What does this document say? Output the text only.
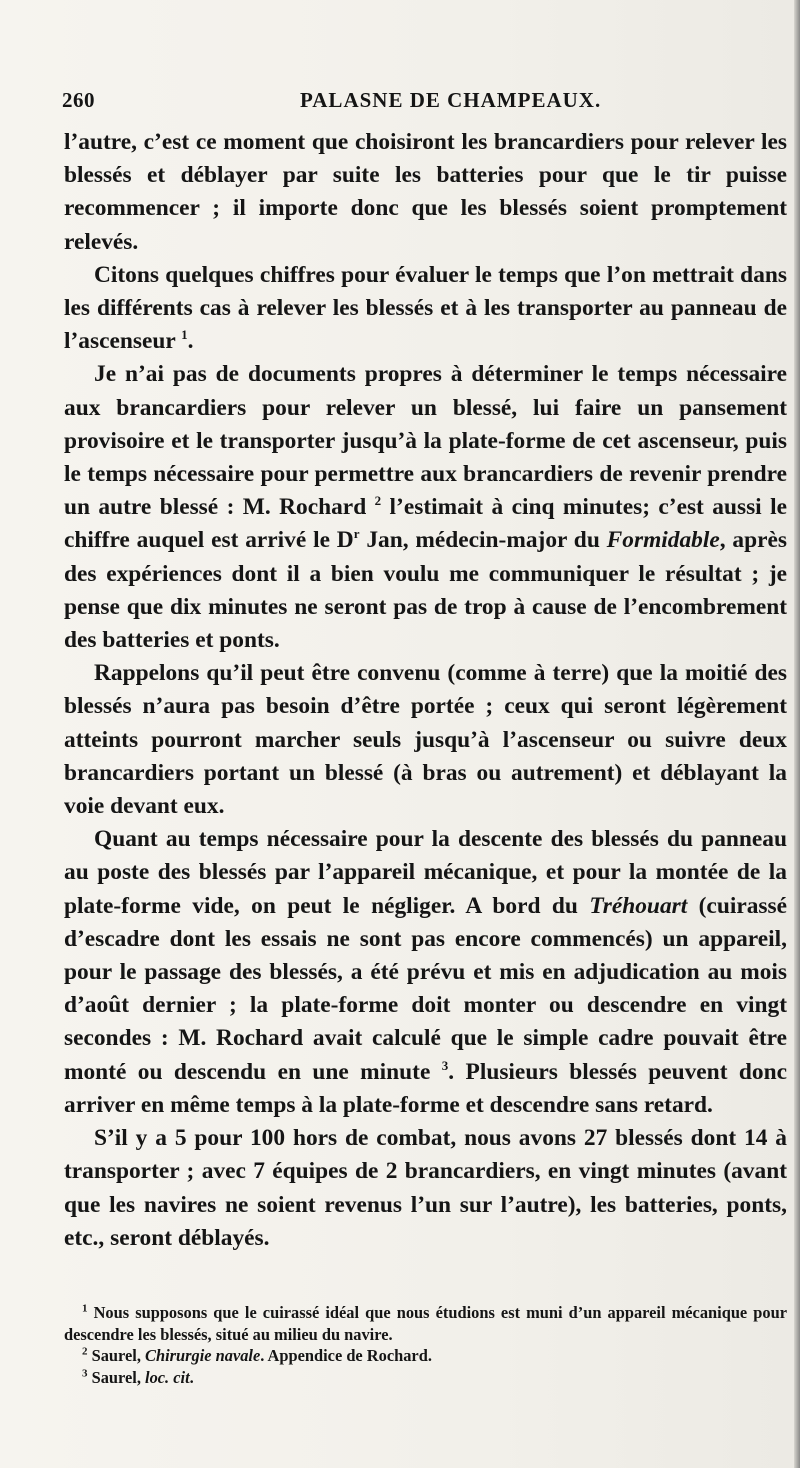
260	PALASNE DE CHAMPEAUX.

l’autre, c’est ce moment que choisiront les brancardiers pour relever les blessés et déblayer par suite les batteries pour que le tir puisse recommencer ; il importe donc que les blessés soient promptement relevés.

Citons quelques chiffres pour évaluer le temps que l’on mettrait dans les différents cas à relever les blessés et à les transporter au panneau de l’ascenseur $^1$.

Je n’ai pas de documents propres à déterminer le temps nécessaire aux brancardiers pour relever un blessé, lui faire un pansement provisoire et le transporter jusqu’à la plate-forme de cet ascenseur, puis le temps nécessaire pour permettre aux brancardiers de revenir prendre un autre blessé : M. Rochard $^2$ l’estimait à cinq minutes; c’est aussi le chiffre auquel est arrivé le $D^r$ Jan, médecin-major du Formidable, après des expériences dont il a bien voulu me communiquer le résultat ; je pense que dix minutes ne seront pas de trop à cause de l’encombrement des batteries et ponts.

Rappelons qu’il peut être convenu (comme à terre) que la moitié des blessés n’aura pas besoin d’être portée ; ceux qui seront légèrement atteints pourront marcher seuls jusqu’à l’ascenseur ou suivre deux brancardiers portant un blessé (à bras ou autrement) et déblayant la voie devant eux.

Quant au temps nécessaire pour la descente des blessés du panneau au poste des blessés par l’appareil mécanique, et pour la montée de la plate-forme vide, on peut le négliger. A bord du Tréhouart (cuirassé d’escadre dont les essais ne sont pas encore commencés) un appareil, pour le passage des blessés, a été prévu et mis en adjudication au mois d’août dernier ; la plate-forme doit monter ou descendre en vingt secondes : M. Rochard avait calculé que le simple cadre pouvait être monté ou descendu en une minute $^3$. Plusieurs blessés peuvent donc arriver en même temps à la plate-forme et descendre sans retard.

S’il y a 5 pour 100 hors de combat, nous avons 27 blessés dont 14 à transporter ; avec 7 équipes de 2 brancardiers, en vingt minutes (avant que les navires ne soient revenus l’un sur l’autre), les batteries, ponts, etc., seront déblayés.

$^1$ Nous supposons que le cuirassé idéal que nous étudions est muni d’un appareil mécanique pour descendre les blessés, situé au milieu du navire.

$^2$ Saurel, Chirurgie navale. Appendice de Rochard.

$^3$ Saurel, loc. cit.
